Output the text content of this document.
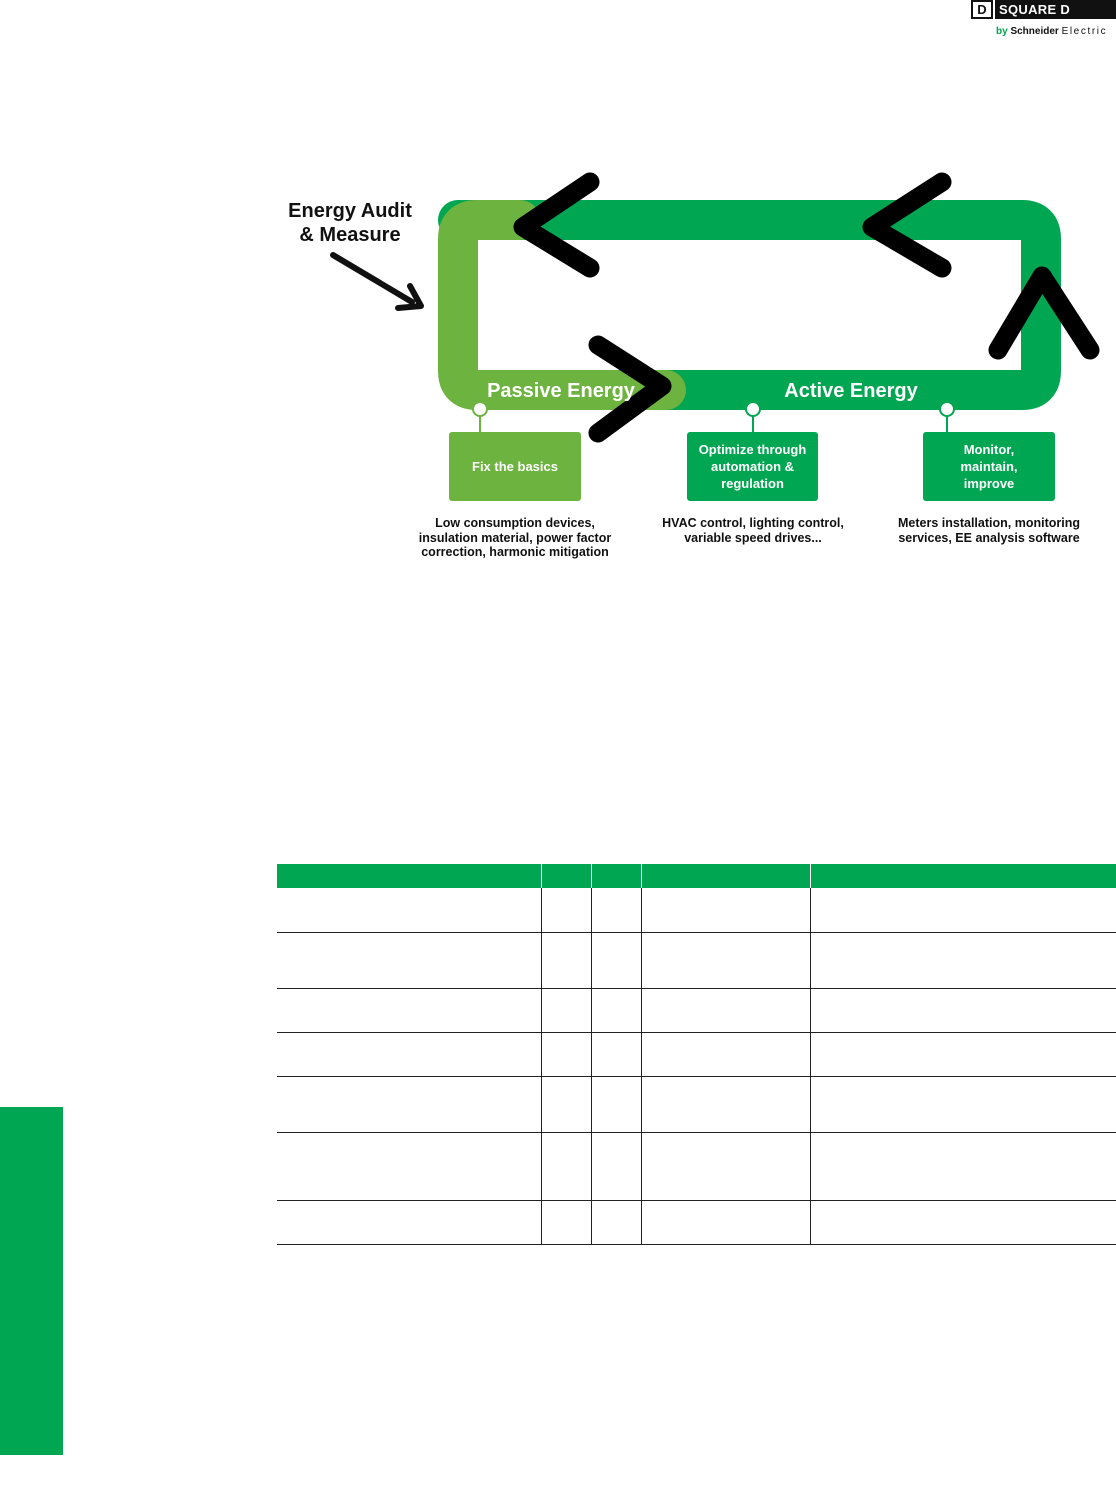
D SQUARE D
by Schneider Electric
Passive Energy	Active Energy
Energy Audit
& Measure
Fix the basics
Optimize through automation & regulation
Monitor, maintain, improve
Low consumption devices, insulation material, power factor correction, harmonic mitigation
HVAC control, lighting control, variable speed drives...
Meters installation, monitoring services, EE analysis software
